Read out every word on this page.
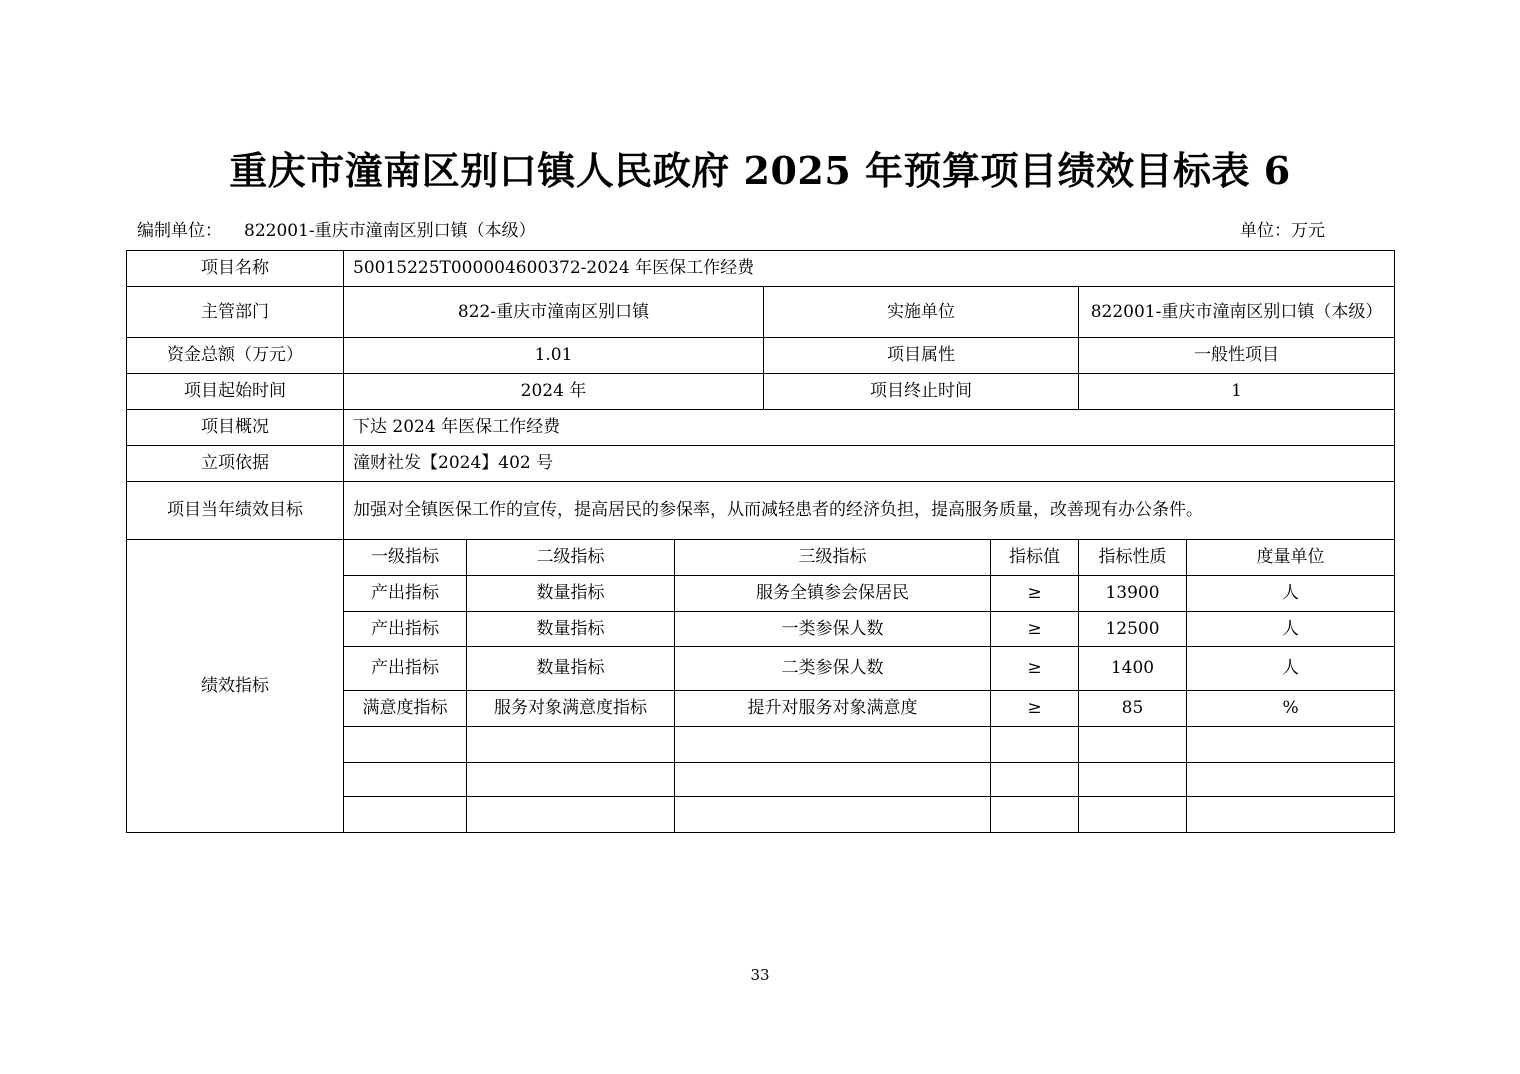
重庆市潼南区别口镇人民政府 2025 年预算项目绩效目标表 6
编制单位： 822001-重庆市潼南区别口镇（本级）	单位：万元
项目名称	50015225T000004600372-2024 年医保工作经费						
主管部门	822-重庆市潼南区别口镇			实施单位		822001-重庆市潼南区别口镇（本级）	
资金总额（万元）	1.01			项目属性		一般性项目	
项目起始时间	2024 年			项目终止时间		1	
项目概况	下达 2024 年医保工作经费						
立项依据	潼财社发【2024】402 号						
项目当年绩效目标	加强对全镇医保工作的宣传，提高居民的参保率，从而减轻患者的经济负担，提高服务质量，改善现有办公条件。						
绩效指标	一级指标	二级指标	三级指标		指标值	指标性质	度量单位
	产出指标	数量指标	服务全镇参会保居民		≥	13900	人
	产出指标	数量指标	一类参保人数		≥	12500	人
	产出指标	数量指标	二类参保人数		≥	1400	人
	满意度指标	服务对象满意度指标	提升对服务对象满意度		≥	85	%

33
